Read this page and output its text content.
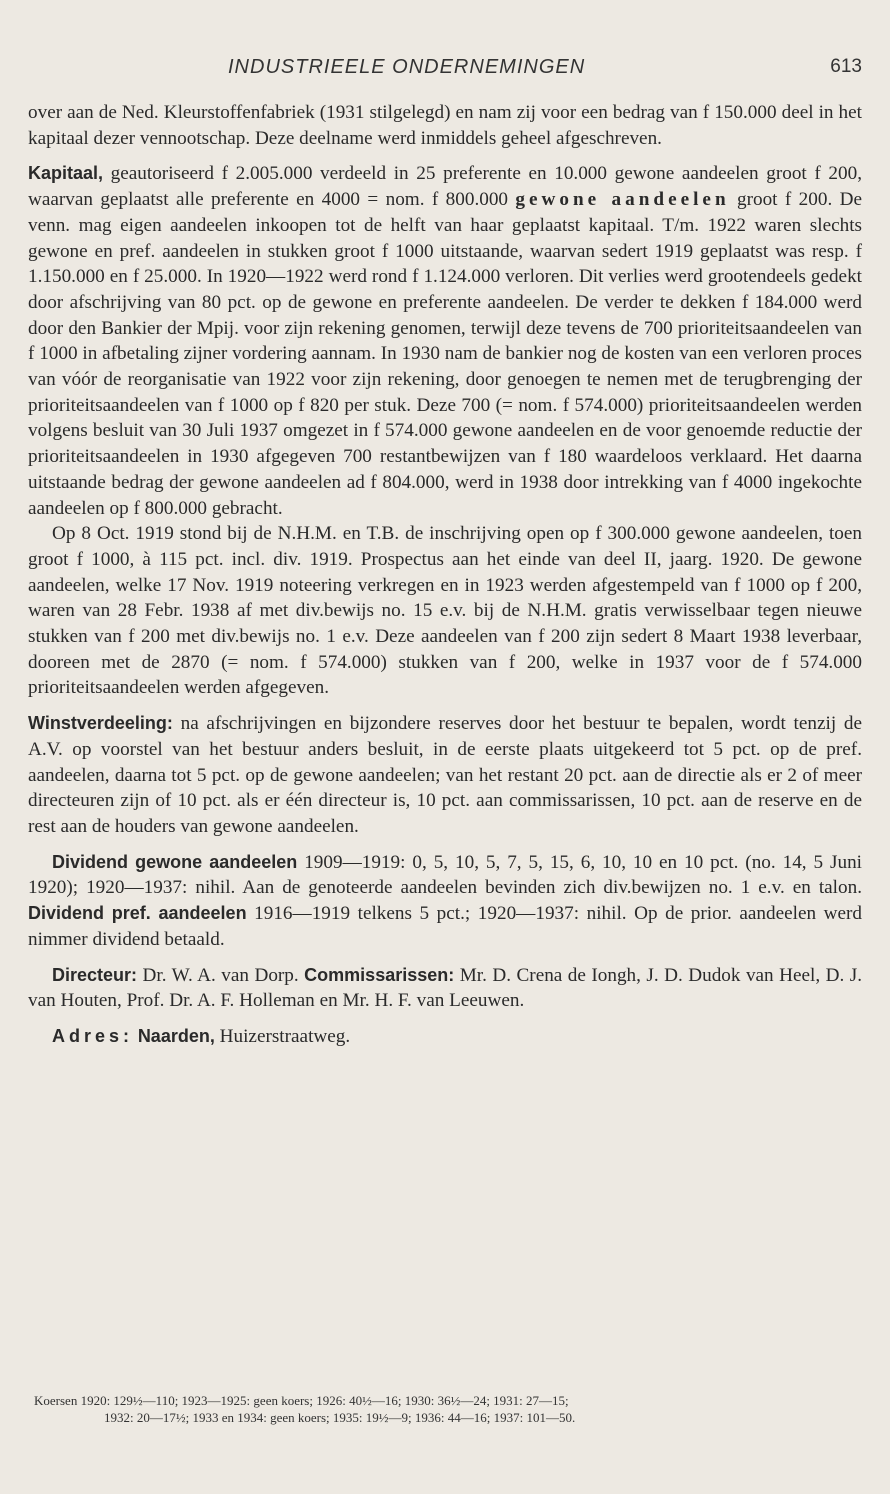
INDUSTRIEELE ONDERNEMINGEN	613

over aan de Ned. Kleurstoffenfabriek (1931 stilgelegd) en nam zij voor een bedrag van f 150.000 deel in het kapitaal dezer vennootschap. Deze deelname werd inmiddels geheel afgeschreven.

Kapitaal, geautoriseerd f 2.005.000 verdeeld in 25 preferente en 10.000 gewone aandeelen groot f 200, waarvan geplaatst alle preferente en 4000 = nom. f 800.000 gewone aandeelen groot f 200. De venn. mag eigen aandeelen inkoopen tot de helft van haar geplaatst kapitaal. T/m. 1922 waren slechts gewone en pref. aandeelen in stukken groot f 1000 uitstaande, waarvan sedert 1919 geplaatst was resp. f 1.150.000 en f 25.000. In 1920—1922 werd rond f 1.124.000 verloren. Dit verlies werd grootendeels gedekt door afschrijving van 80 pct. op de gewone en preferente aandeelen. De verder te dekken f 184.000 werd door den Bankier der Mpij. voor zijn rekening genomen, terwijl deze tevens de 700 prioriteitsaandeelen van f 1000 in afbetaling zijner vordering aannam. In 1930 nam de bankier nog de kosten van een verloren proces van vóór de reorganisatie van 1922 voor zijn rekening, door genoegen te nemen met de terugbrenging der prioriteitsaandeelen van f 1000 op f 820 per stuk. Deze 700 (= nom. f 574.000) prioriteitsaandeelen werden volgens besluit van 30 Juli 1937 omgezet in f 574.000 gewone aandeelen en de voor genoemde reductie der prioriteitsaandeelen in 1930 afgegeven 700 restantbewijzen van f 180 waardeloos verklaard. Het daarna uitstaande bedrag der gewone aandeelen ad f 804.000, werd in 1938 door intrekking van f 4000 ingekochte aandeelen op f 800.000 gebracht.

Op 8 Oct. 1919 stond bij de N.H.M. en T.B. de inschrijving open op f 300.000 gewone aandeelen, toen groot f 1000, à 115 pct. incl. div. 1919. Prospectus aan het einde van deel II, jaarg. 1920. De gewone aandeelen, welke 17 Nov. 1919 noteering verkregen en in 1923 werden afgestempeld van f 1000 op f 200, waren van 28 Febr. 1938 af met div.bewijs no. 15 e.v. bij de N.H.M. gratis verwisselbaar tegen nieuwe stukken van f 200 met div.bewijs no. 1 e.v. Deze aandeelen van f 200 zijn sedert 8 Maart 1938 leverbaar, dooreen met de 2870 (= nom. f 574.000) stukken van f 200, welke in 1937 voor de f 574.000 prioriteitsaandeelen werden afgegeven.

Winstverdeeling: na afschrijvingen en bijzondere reserves door het bestuur te bepalen, wordt tenzij de A.V. op voorstel van het bestuur anders besluit, in de eerste plaats uitgekeerd tot 5 pct. op de pref. aandeelen, daarna tot 5 pct. op de gewone aandeelen; van het restant 20 pct. aan de directie als er 2 of meer directeuren zijn of 10 pct. als er één directeur is, 10 pct. aan commissarissen, 10 pct. aan de reserve en de rest aan de houders van gewone aandeelen.

Dividend gewone aandeelen 1909—1919: 0, 5, 10, 5, 7, 5, 15, 6, 10, 10 en 10 pct. (no. 14, 5 Juni 1920); 1920—1937: nihil. Aan de genoteerde aandeelen bevinden zich div.bewijzen no. 1 e.v. en talon. Dividend pref. aandeelen 1916—1919 telkens 5 pct.; 1920—1937: nihil. Op de prior. aandeelen werd nimmer dividend betaald.

Directeur: Dr. W. A. van Dorp. Commissarissen: Mr. D. Crena de Iongh, J. D. Dudok van Heel, D. J. van Houten, Prof. Dr. A. F. Holleman en Mr. H. F. van Leeuwen.

Adres: Naarden, Huizerstraatweg.

Koersen 1920: 129½—110; 1923—1925: geen koers; 1926: 40½—16; 1930: 36½—24; 1931: 27—15;
1932: 20—17½; 1933 en 1934: geen koers; 1935: 19½—9; 1936: 44—16; 1937: 101—50.
